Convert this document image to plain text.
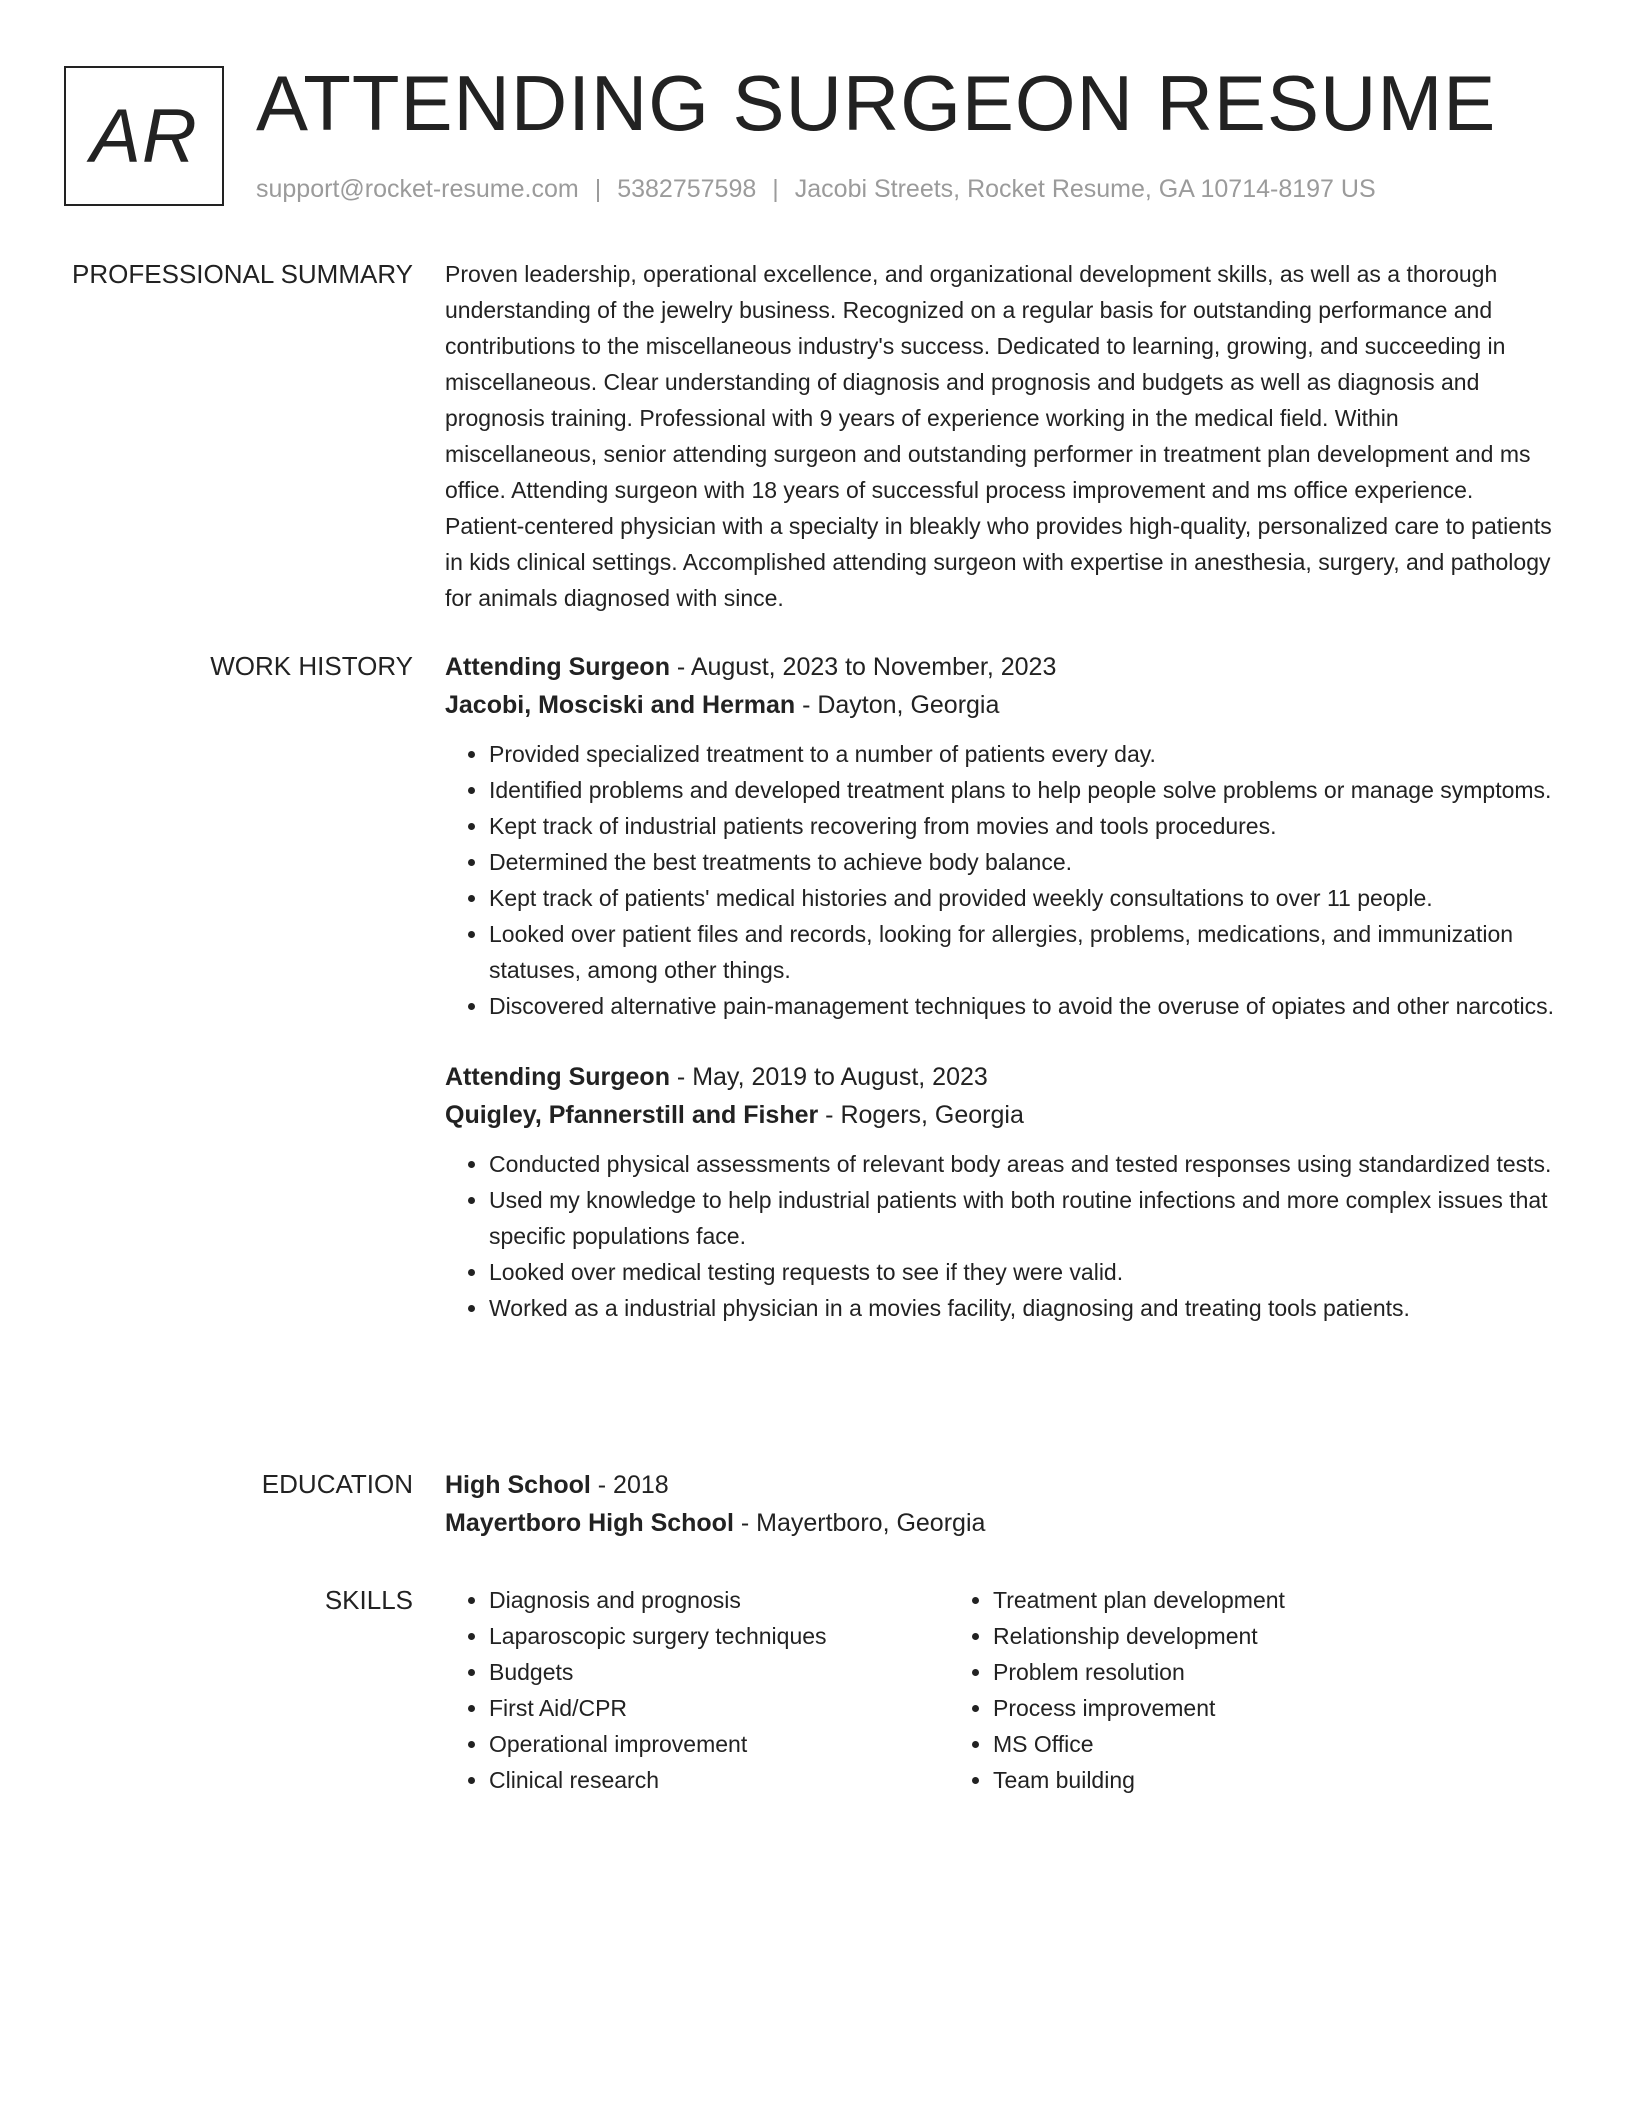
AR ATTENDING SURGEON RESUME
support@rocket-resume.com | 5382757598 | Jacobi Streets, Rocket Resume, GA 10714-8197 US
PROFESSIONAL SUMMARY Proven leadership, operational excellence, and organizational development skills, as well as a thorough understanding of the jewelry business. Recognized on a regular basis for outstanding performance and contributions to the miscellaneous industry's success. Dedicated to learning, growing, and succeeding in miscellaneous. Clear understanding of diagnosis and prognosis and budgets as well as diagnosis and prognosis training. Professional with 9 years of experience working in the medical field. Within miscellaneous, senior attending surgeon and outstanding performer in treatment plan development and ms office. Attending surgeon with 18 years of successful process improvement and ms office experience. Patient-centered physician with a specialty in bleakly who provides high-quality, personalized care to patients in kids clinical settings. Accomplished attending surgeon with expertise in anesthesia, surgery, and pathology for animals diagnosed with since.

WORK HISTORY Attending Surgeon - August, 2023 to November, 2023

Jacobi, Mosciski and Herman - Dayton, Georgia

• Provided specialized treatment to a number of patients every day.
• Identified problems and developed treatment plans to help people solve problems or manage symptoms.
• Kept track of industrial patients recovering from movies and tools procedures.
• Determined the best treatments to achieve body balance.
• Kept track of patients' medical histories and provided weekly consultations to over 11 people.
• Looked over patient files and records, looking for allergies, problems, medications, and immunization statuses, among other things.
• Discovered alternative pain-management techniques to avoid the overuse of opiates and other narcotics.

Attending Surgeon - May, 2019 to August, 2023

Quigley, Pfannerstill and Fisher - Rogers, Georgia

• Conducted physical assessments of relevant body areas and tested responses using standardized tests.
• Used my knowledge to help industrial patients with both routine infections and more complex issues that specific populations face.
• Looked over medical testing requests to see if they were valid.
• Worked as a industrial physician in a movies facility, diagnosing and treating tools patients.
EDUCATION High School - 2018

Mayertboro High School - Mayertboro, Georgia

SKILLS
•	Diagnosis and prognosis
• Laparoscopic surgery techniques
• Budgets
• First Aid/CPR
• Operational improvement
• Clinical research
• Treatment plan development
• Relationship development
• Problem resolution
• Process improvement
• MS Office
• Team building
